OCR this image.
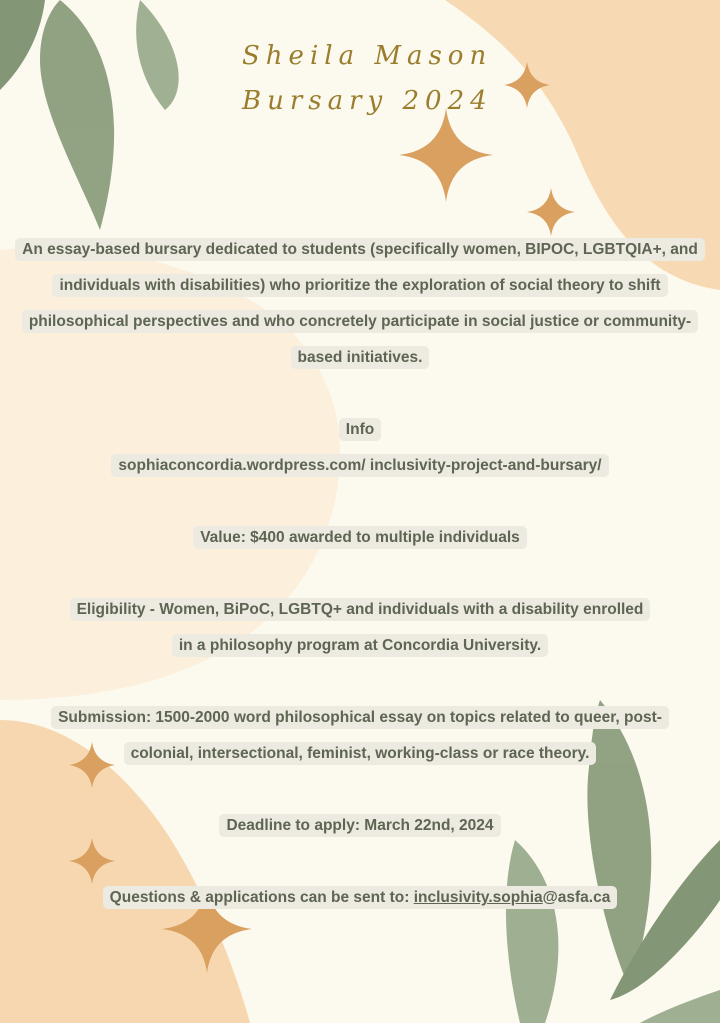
Sheila Mason
Bursary 2024
An essay-based bursary dedicated to students (specifically women, BIPOC, LGBTQIA+, and individuals with disabilities) who prioritize the exploration of social theory to shift philosophical perspectives and who concretely participate in social justice or community-based initiatives.
Info
sophiaconcordia.wordpress.com/ inclusivity-project-and-bursary/
Value: $400 awarded to multiple individuals
Eligibility - Women, BiPoC, LGBTQ+ and individuals with a disability enrolled in a philosophy program at Concordia University.
Submission: 1500-2000 word philosophical essay on topics related to queer, post-colonial, intersectional, feminist, working-class or race theory.
Deadline to apply: March 22nd, 2024
Questions & applications can be sent to: inclusivity.sophia@asfa.ca
